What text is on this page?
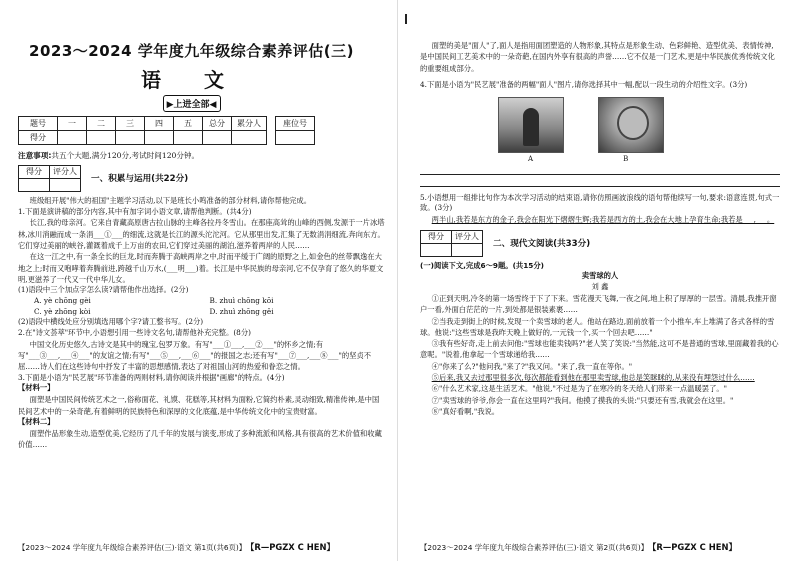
2023～2024 学年度九年级综合素养评估(三)
语 文
▶上进全部◀
题号	一	二	三	四	五	总分	累分人
得分							
座位号

注意事项:共五个大题,满分120分,考试时间120分钟。
得分	评分人

一、积累与运用(共22分)

班级组开展"伟大的祖国"主题学习活动,以下是班长小鸣准备的部分材料,请你帮他完成。

1.下面是演讲稿的部分内容,其中有加字词小语文章,请帮他判断。(共4分)

长江,我的母亲河。它来自青藏高原唐古拉山脉的主峰各拉丹冬雪山。在那座高耸的山峰的西侧,发源于一片冰塔林,冰川消融而成一条涓___①___的细流,这就是长江的源头沱沱河。它从那里出发,汇集了无数涓涓细流,奔向东方。它们穿过美丽的峡谷,灌溉着成千上万亩的农田,它们穿过美丽的湖泊,滋养着两岸的人民……

在这一江之中,有一条全长的巨龙,时而奔腾于高峡两岸之中,时而平缓于广阔的原野之上,如金色的丝带飘逸在大地之上;时而又咆哮着奔腾前进,跨越千山万水,(___明___)着。长江是中华民族的母亲河,它不仅孕育了悠久的华夏文明,更滋养了一代又一代中华儿女。

(1)语段中三个加点字怎么读?请帮他作出选择。(2分)

A. yè chōng gèi	B. zhuì chōng kōi
C. yè zhōng kòi	D. zhuì zhōng gěi

(2)语段中横线处应分别填选用哪个字?请工整书写。(2分)

2.在"诗文荟萃"环节中,小语想引用一些诗文名句,请帮他补充完整。(8分)

中国文化历史悠久,古诗文是其中的瑰宝,包罗万象。有写"___①___,___②___"的怀乡之情;有写"___③___,___④___"的友谊之情;有写"___⑤___,___⑥___"的报国之志;还有写"___⑦___,___⑧___"的坚贞不屈……诗人们在这些诗句中抒发了丰富的思想感情,表达了对祖国山河的热爱和眷恋之情。

3.下面是小语为"民艺展"环节准备的两则材料,请你阅读并根据"画廊"的特点。(4分)

【材料一】

面塑是中国民间传统艺术之一,俗称面花、礼馍、花糕等,其材料为面粉,它简约朴素,灵动细致,精准传神,是中国民间艺术中的一朵奇葩,有着鲜明的民族特色和深厚的文化底蕴,是中华传统文化中的宝贵财富。

【材料二】

面塑作品形象生动,造型优美,它经历了几千年的发展与演变,形成了多种流派和风格,具有很高的艺术价值和收藏价值……

【2023～2024 学年度九年级综合素养评估(三)·语文 第1页(共6页)】 【R—PGZX C HEN】

面塑的美是"面人"了,面人是指用面团塑造的人物形象,其特点是形象生动、色彩鲜艳、造型优美、表情传神,是中国民间工艺美术中的一朵奇葩,在国内外享有很高的声誉……它不仅是一门艺术,更是中华民族优秀传统文化的重要组成部分。

4.下面是小语为"民艺展"准备的两幅"面人"图片,请你选择其中一幅,配以一段生动的介绍性文字。(3分)

A	B

5.小语想用一组排比句作为本次学习活动的结束语,请你仿照画波浪线的语句帮他续写一句,要求:语意连贯,句式一致。(3分)

两半山,我若是东方的金子,我会在阳光下熠熠生辉;我若是西方的土,我会在大地上孕育生命;我若是___,___。

得分	评分人

二、现代文阅读(共33分)

(一)阅读下文,完成6～9题。(共15分)

卖雪球的人

刘 鑫

①正到天明,冷冬的第一场雪终于下了下来。雪花漫天飞舞,一夜之间,地上积了厚厚的一层雪。清晨,我推开窗户一看,外面白茫茫的一片,到处都是银装素裹……

②当我走到街上的时候,发现一个卖雪球的老人。他站在路边,面前放着一个小推车,车上堆满了各式各样的雪球。他说:"这些雪球是我昨天晚上做好的,一元钱一个,买一个回去吧……"

③我有些好奇,走上前去问他:"雪球也能卖钱吗?"老人笑了笑说:"当然能,这可不是普通的雪球,里面藏着我的心意呢。"说着,他拿起一个雪球递给我……

④"你来了么?"他问我,"来了?"我又问。"来了,我一直在等你。"

⑤后来,我又去过那里很多次,每次都能看到他在那里卖雪球,他总是笑眯眯的,从来没有埋怨过什么……

⑥"什么艺术家,这是生活艺术。"他说,"不过是为了在寒冷的冬天给人们带来一点温暖罢了。"

⑦"卖雪球的爷爷,你会一直在这里吗?"我问。他摸了摸我的头说:"只要还有雪,我就会在这里。"

⑧"真好看啊,"我说。

【2023～2024 学年度九年级综合素养评估(三)·语文 第2页(共6页)】 【R—PGZX C HEN】
